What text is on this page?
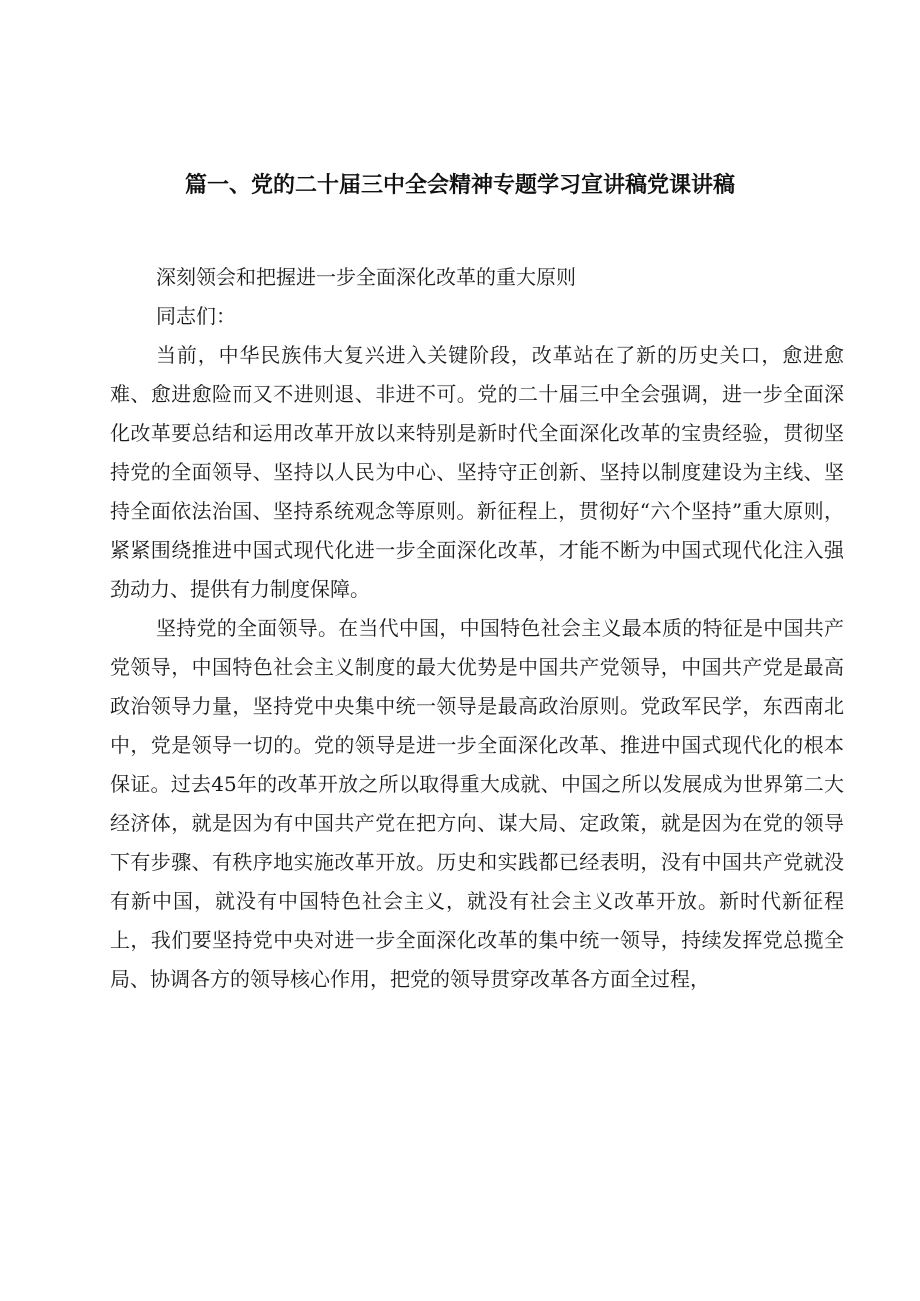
篇一、党的二十届三中全会精神专题学习宣讲稿党课讲稿

深刻领会和把握进一步全面深化改革的重大原则

同志们：

当前，中华民族伟大复兴进入关键阶段，改革站在了新的历史关口，愈进愈难、愈进愈险而又不进则退、非进不可。党的二十届三中全会强调，进一步全面深化改革要总结和运用改革开放以来特别是新时代全面深化改革的宝贵经验，贯彻坚持党的全面领导、坚持以人民为中心、坚持守正创新、坚持以制度建设为主线、坚持全面依法治国、坚持系统观念等原则。新征程上，贯彻好“六个坚持”重大原则，紧紧围绕推进中国式现代化进一步全面深化改革，才能不断为中国式现代化注入强劲动力、提供有力制度保障。

坚持党的全面领导。在当代中国，中国特色社会主义最本质的特征是中国共产党领导，中国特色社会主义制度的最大优势是中国共产党领导，中国共产党是最高政治领导力量，坚持党中央集中统一领导是最高政治原则。党政军民学，东西南北中，党是领导一切的。党的领导是进一步全面深化改革、推进中国式现代化的根本保证。过去45年的改革开放之所以取得重大成就、中国之所以发展成为世界第二大经济体，就是因为有中国共产党在把方向、谋大局、定政策，就是因为在党的领导下有步骤、有秩序地实施改革开放。历史和实践都已经表明，没有中国共产党就没有新中国，就没有中国特色社会主义，就没有社会主义改革开放。新时代新征程上，我们要坚持党中央对进一步全面深化改革的集中统一领导，持续发挥党总揽全局、协调各方的领导核心作用，把党的领导贯穿改革各方面全过程，
